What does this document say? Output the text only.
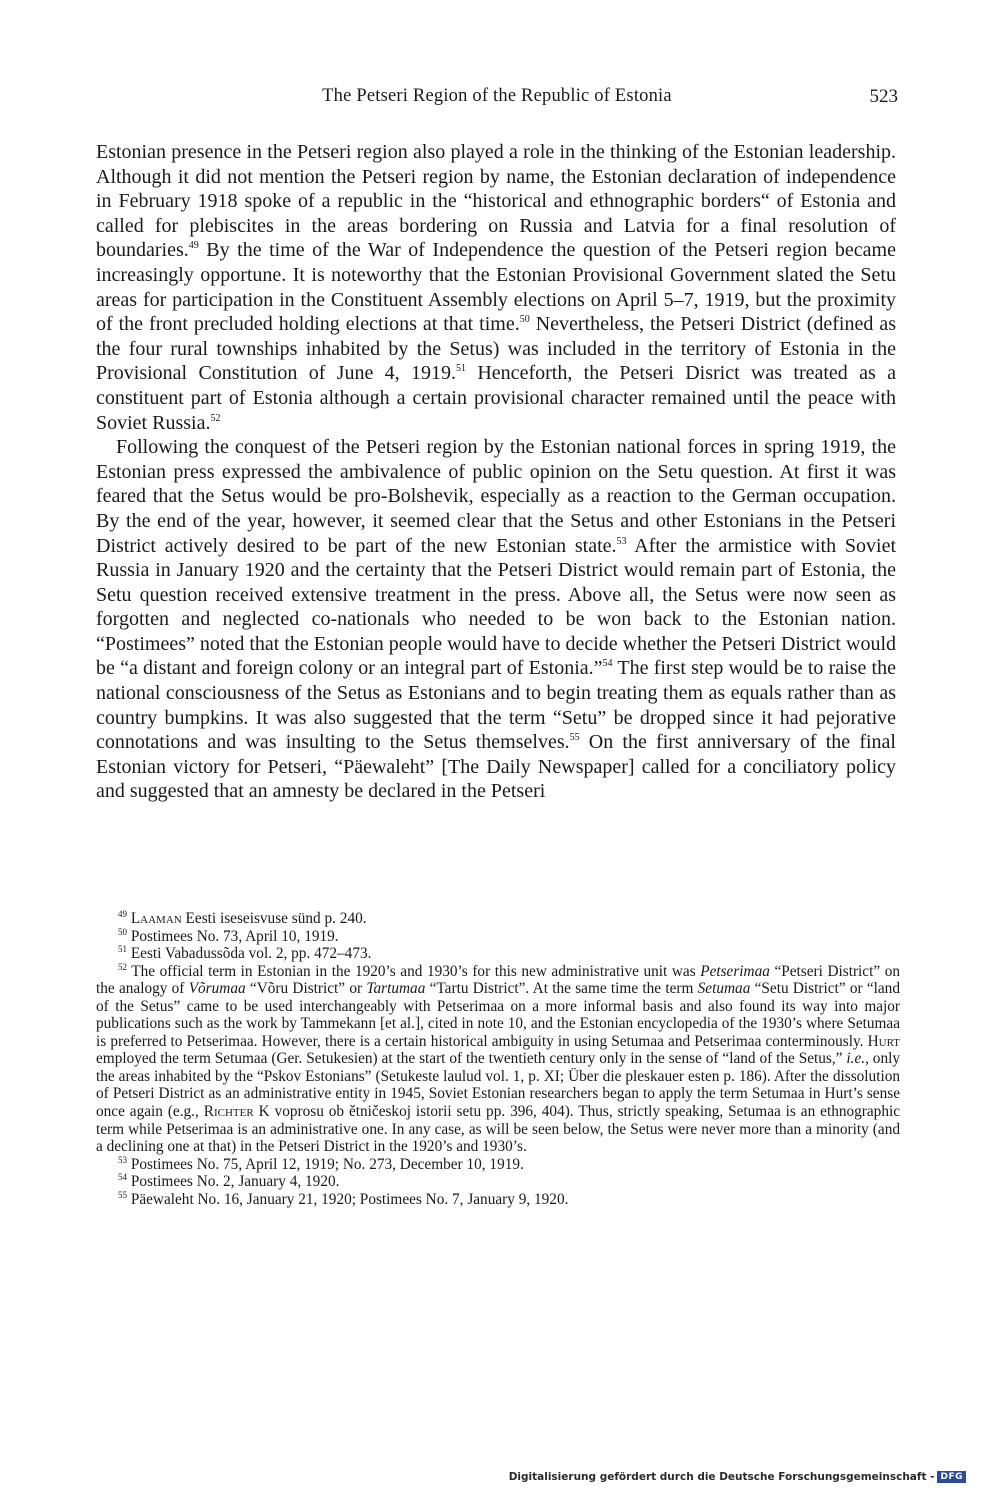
The Petseri Region of the Republic of Estonia	523

Estonian presence in the Petseri region also played a role in the thinking of the Estonian leadership. Although it did not mention the Petseri region by name, the Estonian declaration of independence in February 1918 spoke of a republic in the “historical and ethnographic borders“ of Estonia and called for plebiscites in the areas bordering on Russia and Latvia for a final resolution of boundaries.$^{49}$ By the time of the War of Independence the question of the Petseri region became increasingly opportune. It is noteworthy that the Estonian Provisional Government slated the Setu areas for participation in the Constituent Assembly elections on April 5–7, 1919, but the proximity of the front precluded holding elections at that time.$^{50}$ Nevertheless, the Petseri District (defined as the four rural townships inhabited by the Setus) was included in the territory of Estonia in the Provisional Constitution of June 4, 1919.51 Henceforth, the Petseri Disrict was treated as a constituent part of Estonia although a certain provisional character remained until the peace with Soviet Russia.$^{52}$

Following the conquest of the Petseri region by the Estonian national forces in spring 1919, the Estonian press expressed the ambivalence of public opinion on the Setu question. At first it was feared that the Setus would be pro-Bolshevik, especially as a reaction to the German occupation. By the end of the year, however, it seemed clear that the Setus and other Estonians in the Petseri District actively desired to be part of the new Estonian state.$^{53}$ After the armistice with Soviet Russia in January 1920 and the certainty that the Petseri District would remain part of Estonia, the Setu question received extensive treatment in the press. Above all, the Setus were now seen as forgotten and neglected co-nationals who needed to be won back to the Estonian nation. “Postimees” noted that the Estonian people would have to decide whether the Petseri District would be “a distant and foreign colony or an integral part of Estonia.”$^{54}$ The first step would be to raise the national consciousness of the Setus as Estonians and to begin treating them as equals rather than as country bumpkins. It was also suggested that the term “Setu” be dropped since it had pejorative connotations and was insulting to the Setus themselves.$^{55}$ On the first anniversary of the final Estonian victory for Petseri, “Päewaleht” [The Daily Newspaper] called for a conciliatory policy and suggested that an amnesty be declared in the Petseri

$^{49}$ Laaman Eesti iseseisvuse sünd p. 240.

$^{50}$ Postimees No. 73, April 10, 1919.

$^{51}$ Eesti Vabadussõda vol. 2, pp. 472–473.

$^{52}$ The official term in Estonian in the 1920’s and 1930’s for this new administrative unit was Petserimaa “Petseri District” on the analogy of Võrumaa “Võru District” or Tartumaa “Tartu District”. At the same time the term Setumaa “Setu District” or “land of the Setus” came to be used interchangeably with Petserimaa on a more informal basis and also found its way into major publications such as the work by Tammekann [et al.], cited in note 10, and the Estonian encyclopedia of the 1930’s where Setumaa is preferred to Petserimaa. However, there is a certain historical ambiguity in using Setumaa and Petserimaa conterminously. Hurt employed the term Setumaa (Ger. Setukesien) at the start of the twentieth century only in the sense of “land of the Setus,” i.e., only the areas inhabited by the “Pskov Estonians” (Setukeste laulud vol. 1, p. XI; Über die pleskauer esten p. 186). After the dissolution of Petseri District as an administrative entity in 1945, Soviet Estonian researchers began to apply the term Setumaa in Hurt’s sense once again (e.g., Richter K voprosu ob ětničeskoj istorii setu pp. 396, 404). Thus, strictly speaking, Setumaa is an ethnographic term while Petserimaa is an administrative one. In any case, as will be seen below, the Setus were never more than a minority (and a declining one at that) in the Petseri District in the 1920’s and 1930’s.

$^{53}$ Postimees No. 75, April 12, 1919; No. 273, December 10, 1919.

$^{54}$ Postimees No. 2, January 4, 1920.

$^{55}$ Päewaleht No. 16, January 21, 1920; Postimees No. 7, January 9, 1920.

Digitalisierung gefördert durch die Deutsche Forschungsgemeinschaft - DFG
